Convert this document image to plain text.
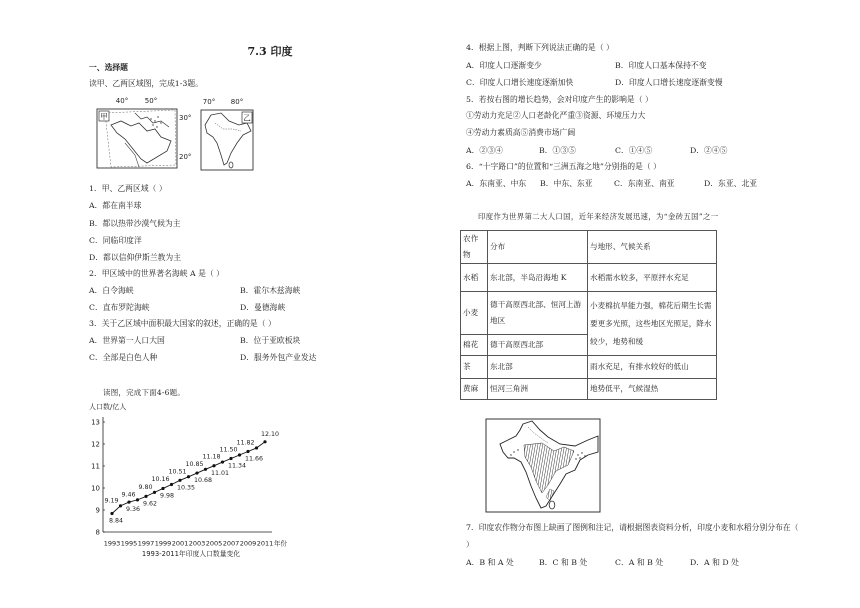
7.3 印度
一、选择题
读甲、乙两区域图，完成1-3题。
甲
40° 50°
30°
20°
乙
70° 80°
1．甲、乙两区域（ ）
A．都在南半球
B．都以热带沙漠气候为主
C．同临印度洋
D．都以信仰伊斯兰教为主
2．甲区域中的世界著名海峡 A 是（ ）
A．白令海峡	B．霍尔木兹海峡
C．直布罗陀海峡	D．曼德海峡
3．关于乙区域中面积最大国家的叙述，正确的是（ ）
A．世界第一人口大国	B．位于亚欧板块
C．全部是白色人种	D．服务外包产业发达
读图，完成下面4-6题。
人口数/亿人
年份
1993-2011年印度人口数量变化
8
9
10
11
12
13
1993 1995 1997 1999 2001 2003 2005 2007 2009 2011
8.84
9.19
9.36
9.46
9.62
9.80
9.98
10.16
10.35
10.51
10.68
10.85
11.01
11.18
11.34
11.50
11.66
11.82
12.10
4．根据上图，判断下列说法正确的是（ ）
A．印度人口逐渐变少	B．印度人口基本保持不变
C．印度人口增长速度逐渐加快	D．印度人口增长速度逐渐变慢
5．若按右图的增长趋势，会对印度产生的影响是（ ）
①劳动力充足②人口老龄化严重③资源、环境压力大
④劳动力素质高⑤消费市场广阔
A．②③④	B．①③⑤	C．①④⑤	D．②④⑤
6．“十字路口”的位置和“三洲五海之地”分别指的是（ ）
A．东南亚、中东 B．中东、东亚	C．东南亚、南亚	D．东亚、北亚
印度作为世界第二大人口国，近年来经济发展迅速，为“金砖五国”之一
农作物	分布	与地形、气候关系
水稻	东北部，半岛沿海地 K	水稻需水较多，平原抨水充足
小麦	德干高原西北部、恒河上游地区	小麦棉抗旱能力强，棉花后期生长需要更多光照，这些地区光照足，降水较少，地势和缓
棉花	德干高原西北部	
茶	东北部	雨水充足，有排水较好的低山
黄麻	恒河三角洲	地势低平，气候湿热
7．印度农作物分布图上缺画了图例和注记，请根据图表资料分析，印度小麦和水稻分别分布在（
）
A．B 和 A 处	B．C 和 B 处	C．A 和 B 处	D．A 和 D 处
